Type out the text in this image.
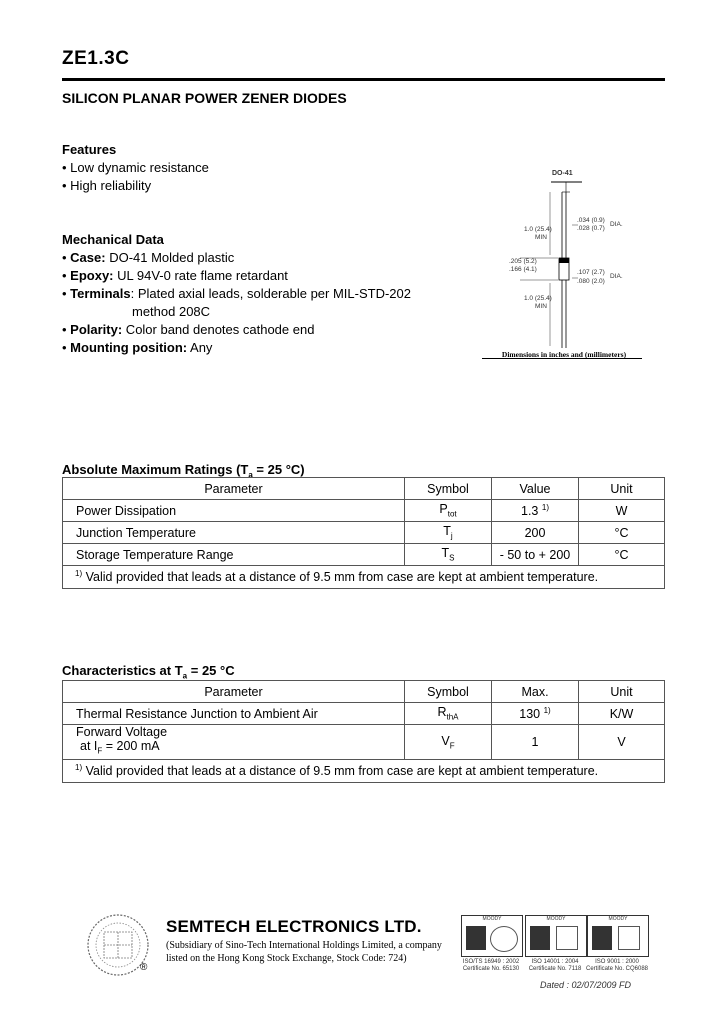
ZE1.3C
SILICON PLANAR POWER ZENER DIODES
Features
• Low dynamic resistance
• High reliability
Mechanical Data
• Case: DO-41 Molded plastic
• Epoxy: UL 94V-0 rate flame retardant
• Terminals: Plated axial leads, solderable per MIL-STD-202
method 208C
• Polarity: Color band denotes cathode end
• Mounting position: Any
DO-41
.034 (0.9)
.028 (0.7)
DIA.
1.0 (25.4)
MIN
.205 (5.2)
.166 (4.1)	.107 (2.7)
.080 (2.0)
DIA.
1.0 (25.4)
MIN
Dimensions in inches and (millimeters)
Absolute Maximum Ratings ($T_a = 25$ °C)
Parameter	Symbol	Value	Unit
Power Dissipation	$P_{tot}$	1.3 $^{1)}$	W
Junction Temperature	$T_j$	200	°C
Storage Temperature Range	$T_S$	- 50 to + 200	°C
$^{1)}$ Valid provided that leads at a distance of 9.5 mm from case are kept at ambient temperature.			
Characteristics at $T_a = 25$ °C
Parameter	Symbol	Max.	Unit
Thermal Resistance Junction to Ambient Air	$R_{thA}$	130 $^{1)}$	K/W
Forward Voltage
at $I_F = 200$ mA	$V_F$	1	V
$^{1)}$ Valid provided that leads at a distance of 9.5 mm from case are kept at ambient temperature.			
®
SEMTECH ELECTRONICS LTD.
(Subsidiary of Sino-Tech International Holdings Limited, a company
listed on the Hong Kong Stock Exchange, Stock Code: 724)
MOODY	MOODY	MOODY
ISO/TS 16949 : 2002
Certificate No. 65130
ISO 14001 : 2004
Certificate No. 7118
ISO 9001 : 2000
Certificate No. CQ6088
Dated : 02/07/2009 FD
